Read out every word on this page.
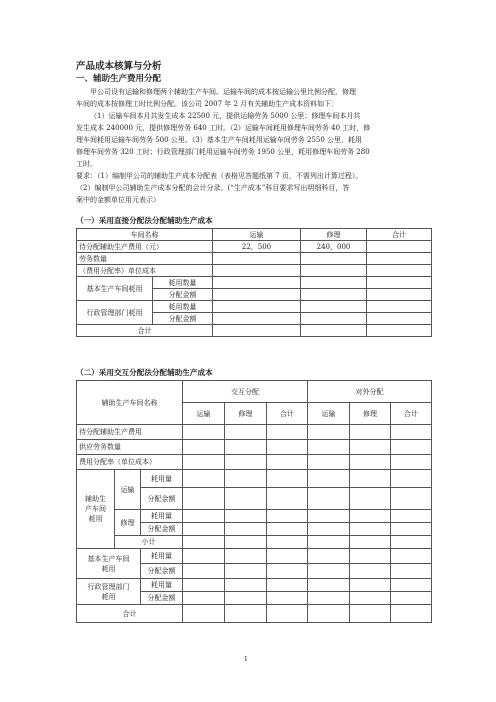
产品成本核算与分析
一、辅助生产费用分配

甲公司设有运输和修理两个辅助生产车间。运输车间的成本按运输公里比例分配，修理

车间的成本按修理工时比例分配。该公司 2007 年 2 月有关辅助生产成本资料如下：

（1）运输车间本月共发生成本 22500 元，提供运输劳务 5000 公里；修理车间本月共

发生成本 240000 元，提供修理劳务 640 工时。（2）运输车间耗用修理车间劳务 40 工时，修

理车间耗用运输车间劳务 500 公里。（3）基本生产车间耗用运输车间劳务 2550 公里，耗用

修理车间劳务 320 工时；行政管理部门耗用运输车间劳务 1950 公里，耗用修理车间劳务 280

工时。

要求：（1）编制甲公司的辅助生产成本分配表（表格见答题纸第 7 页，不需列出计算过程）。

（2）编制甲公司辅助生产成本分配的会计分录。(“生产成本”科目要求写出明细科目，答

案中的金额单位用元表示）

（一）采用直接分配法分配辅助生产成本
车间名称		运输	修理	合计
待分配辅助生产费用（元）		22，500	240，000	
劳务数量				
（费用分配率）单位成本				
基本生产车间耗用	耗用数量			
	分配金额			
行政管理部门耗用	耗用数量			
	分配金额			
合计				
（二）采用交互分配法分配辅助生产成本
辅助生产车间名称			交互分配			对外分配		
			运输	修理	合计	运输	修理	合计
待分配辅助生产费用								
供应劳务数量								
费用分配率（单位成本）								

辅助生
产车间
耗用	运输	耗用量						
		分配金额						
	修理	耗用量						
		分配金额						
	小计							

基本生产车间
耗用		耗用量						
		分配金额						

行政管理部门
耗用		耗用量						
		分配金额						
合计								
1
